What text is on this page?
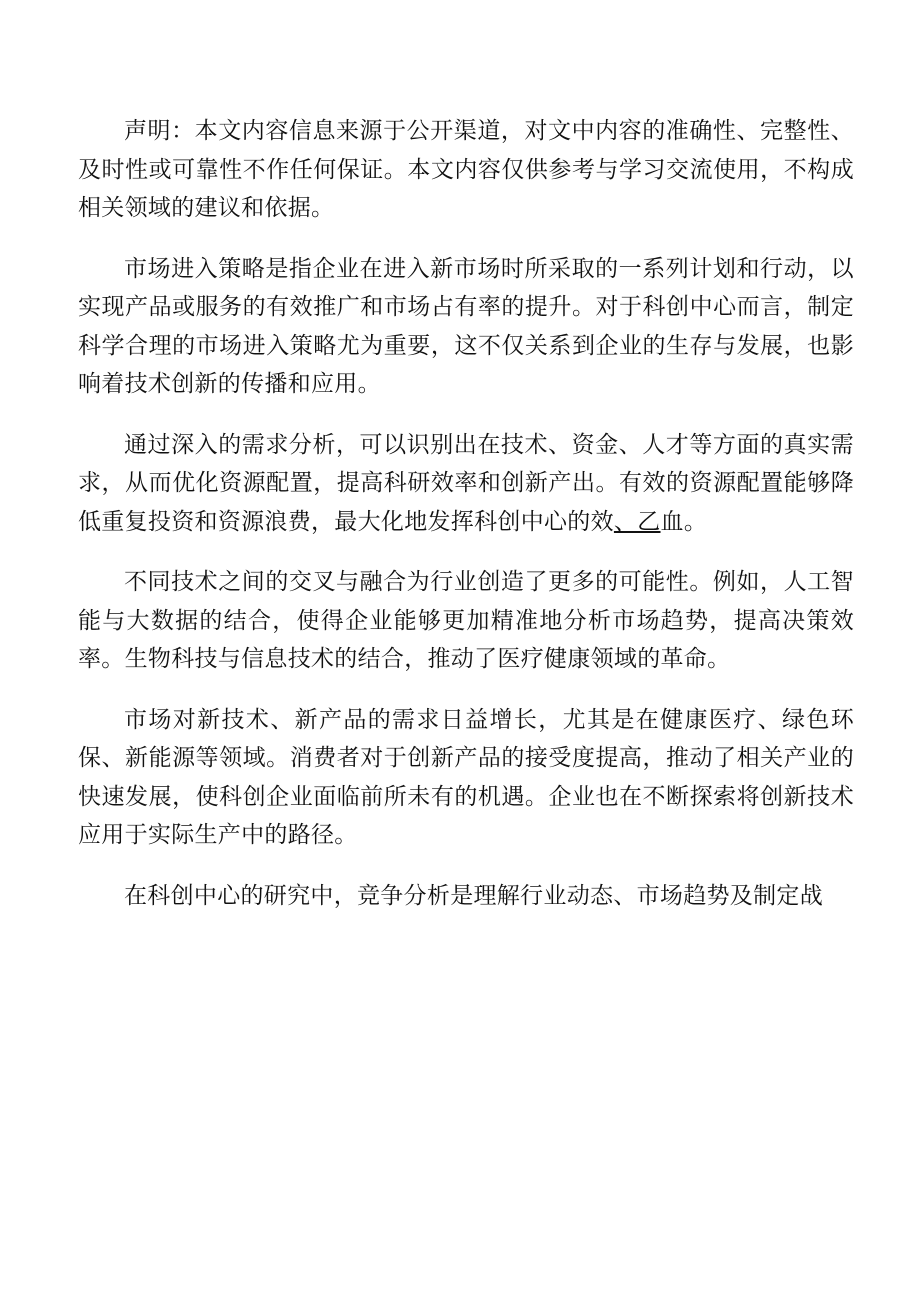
声明：本文内容信息来源于公开渠道，对文中内容的准确性、完整性、及时性或可靠性不作任何保证。本文内容仅供参考与学习交流使用，不构成相关领域的建议和依据。

市场进入策略是指企业在进入新市场时所采取的一系列计划和行动，以实现产品或服务的有效推广和市场占有率的提升。对于科创中心而言，制定科学合理的市场进入策略尤为重要，这不仅关系到企业的生存与发展，也影响着技术创新的传播和应用。

通过深入的需求分析，可以识别出在技术、资金、人才等方面的真实需求，从而优化资源配置，提高科研效率和创新产出。有效的资源配置能够降低重复投资和资源浪费，最大化地发挥科创中心的效、乙血。

不同技术之间的交叉与融合为行业创造了更多的可能性。例如，人工智能与大数据的结合，使得企业能够更加精准地分析市场趋势，提高决策效率。生物科技与信息技术的结合，推动了医疗健康领域的革命。

市场对新技术、新产品的需求日益增长，尤其是在健康医疗、绿色环保、新能源等领域。消费者对于创新产品的接受度提高，推动了相关产业的快速发展，使科创企业面临前所未有的机遇。企业也在不断探索将创新技术应用于实际生产中的路径。

在科创中心的研究中，竞争分析是理解行业动态、市场趋势及制定战
